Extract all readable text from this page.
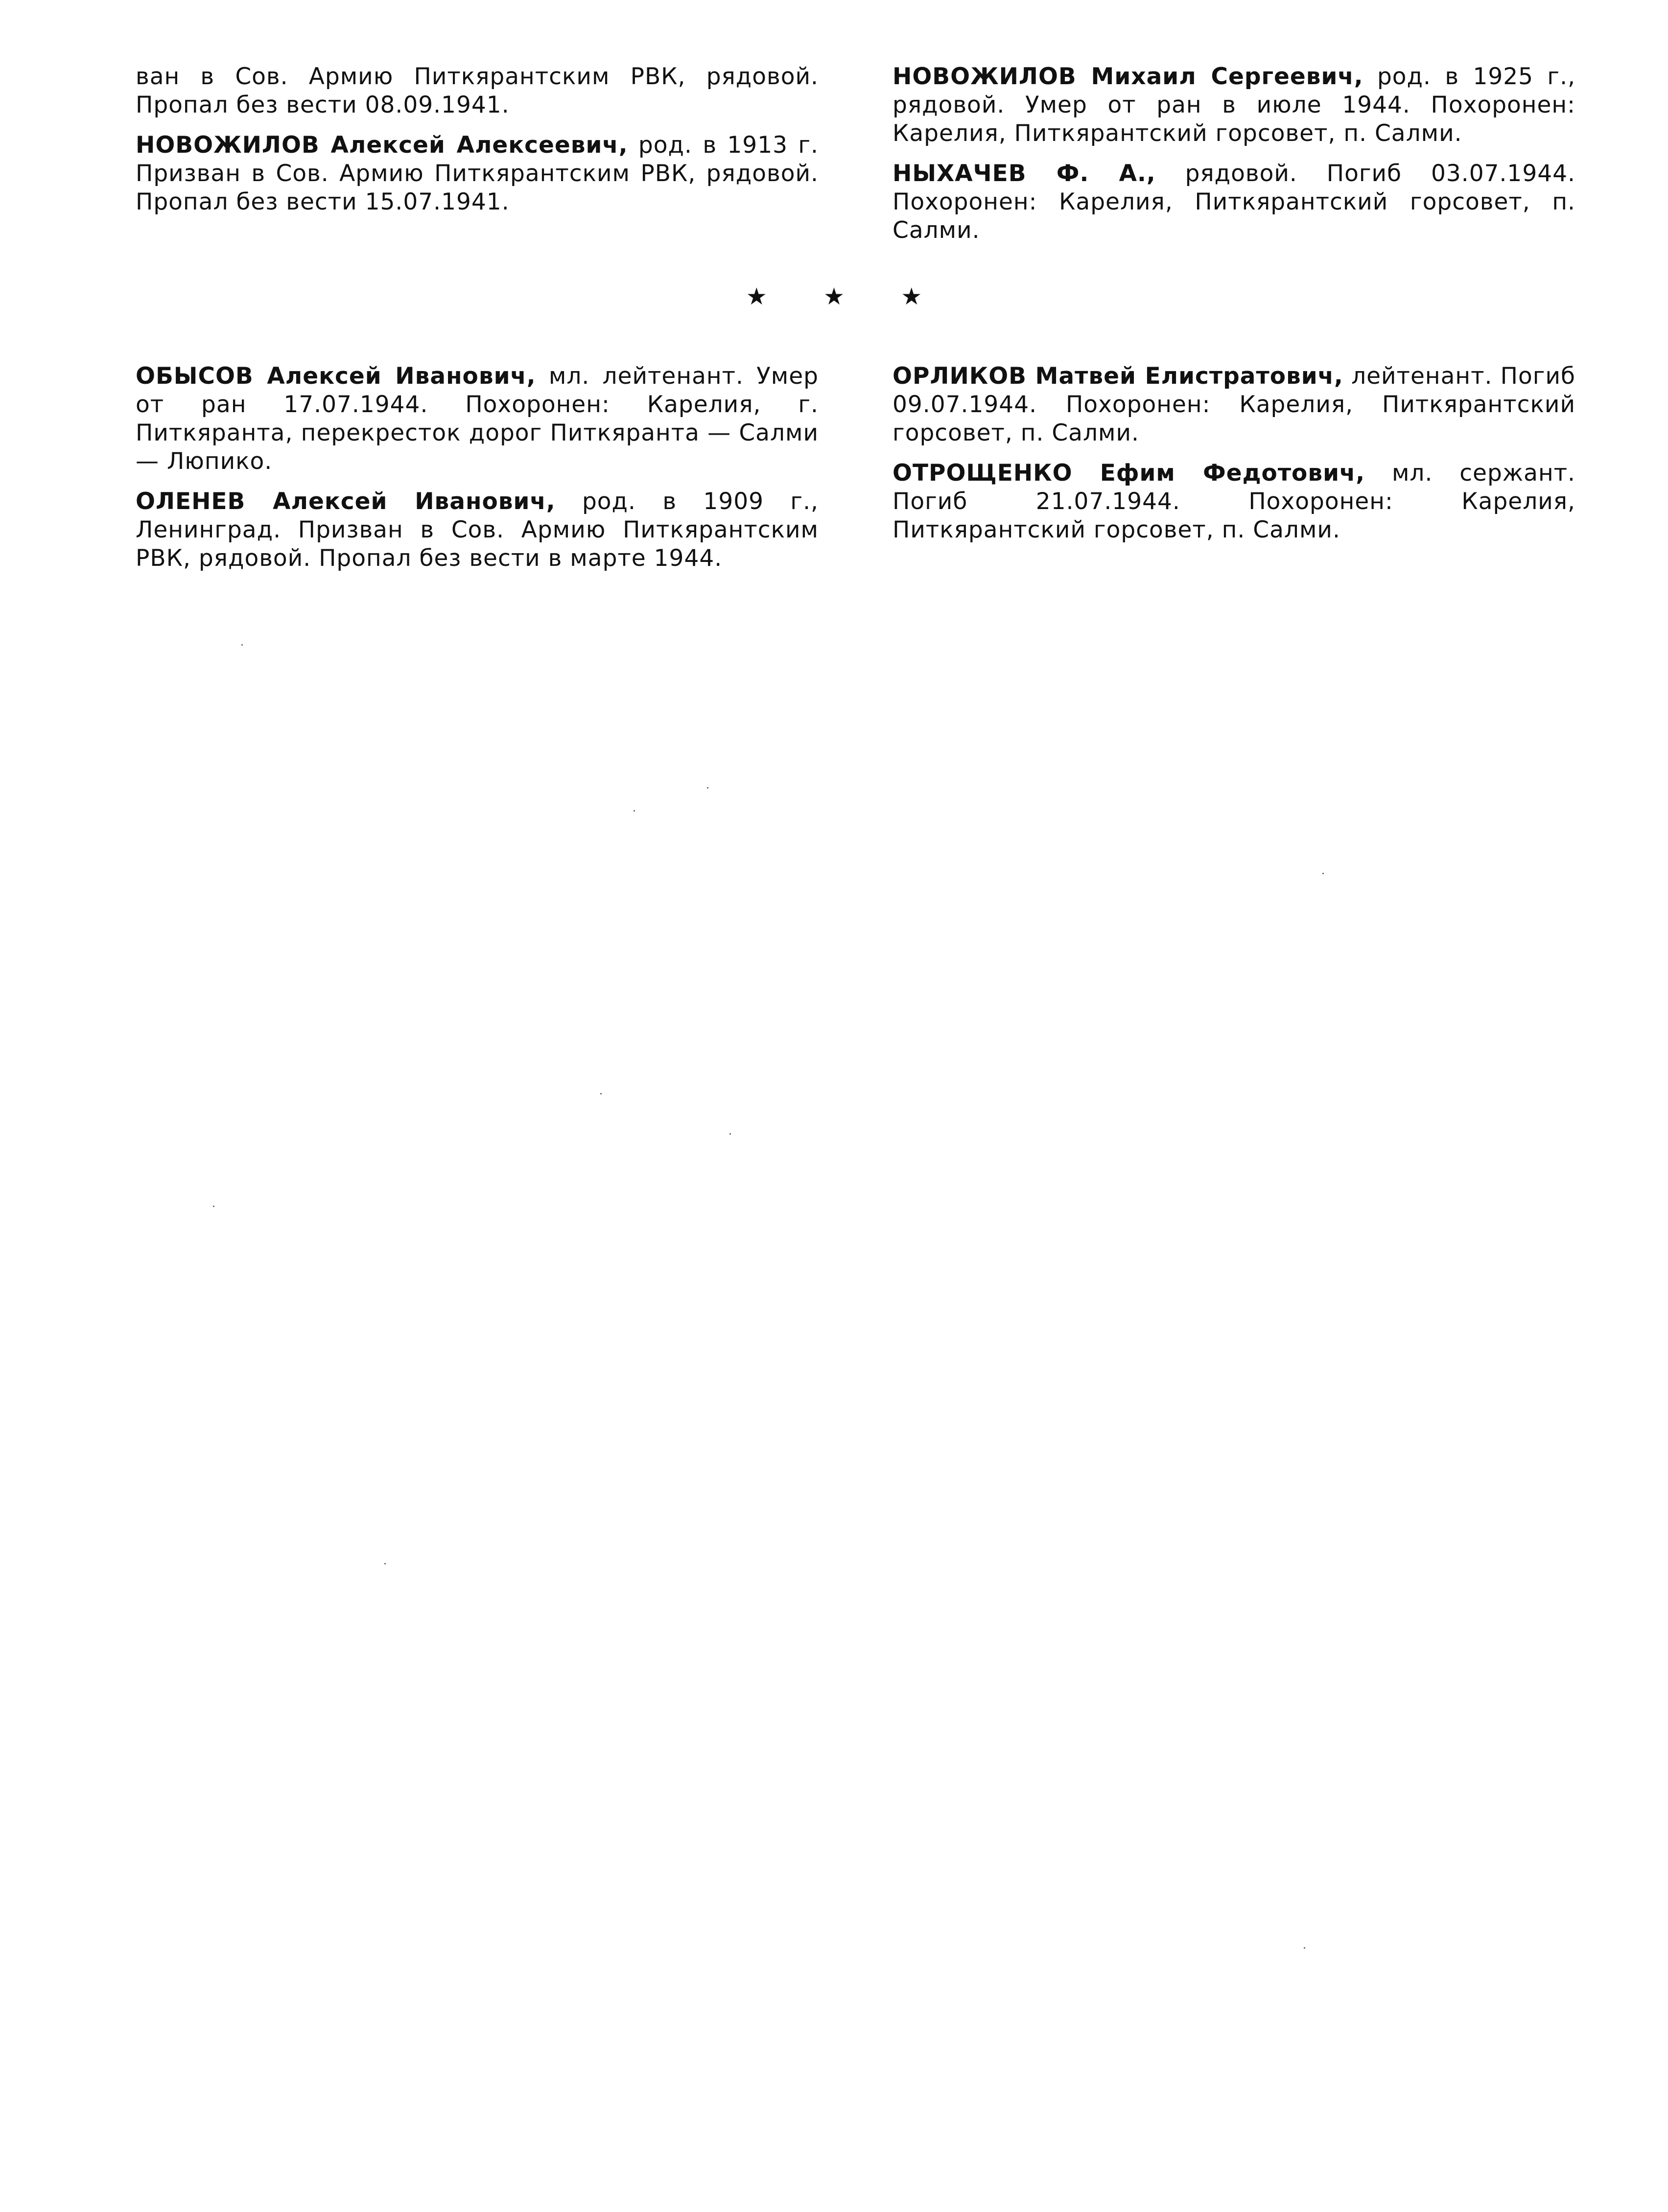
ван в Сов. Армию Питкярантским РВК, рядовой. Пропал без вести 08.09.1941.

НОВОЖИЛОВ Алексей Алексеевич, род. в 1913 г. Призван в Сов. Армию Питкярантским РВК, рядовой. Пропал без вести 15.07.1941.

НОВОЖИЛОВ Михаил Сергеевич, род. в 1925 г., рядовой. Умер от ран в июле 1944. Похоронен: Карелия, Питкярантский горсовет, п. Салми.

НЫХАЧЕВ Ф. А., рядовой. Погиб 03.07.1944. Похоронен: Карелия, Питкярантский горсовет, п. Салми.

★ ★ ★

ОБЫСОВ Алексей Иванович, мл. лейтенант. Умер от ран 17.07.1944. Похоронен: Карелия, г. Питкяранта, перекресток дорог Питкяранта — Салми — Люпико.

ОЛЕНЕВ Алексей Иванович, род. в 1909 г., Ленинград. Призван в Сов. Армию Питкярантским РВК, рядовой. Пропал без вести в марте 1944.

ОРЛИКОВ Матвей Елистратович, лейтенант. Погиб 09.07.1944. Похоронен: Карелия, Питкярантский горсовет, п. Салми.

ОТРОЩЕНКО Ефим Федотович, мл. сержант. Погиб 21.07.1944. Похоронен: Карелия, Питкярантский горсовет, п. Салми.
